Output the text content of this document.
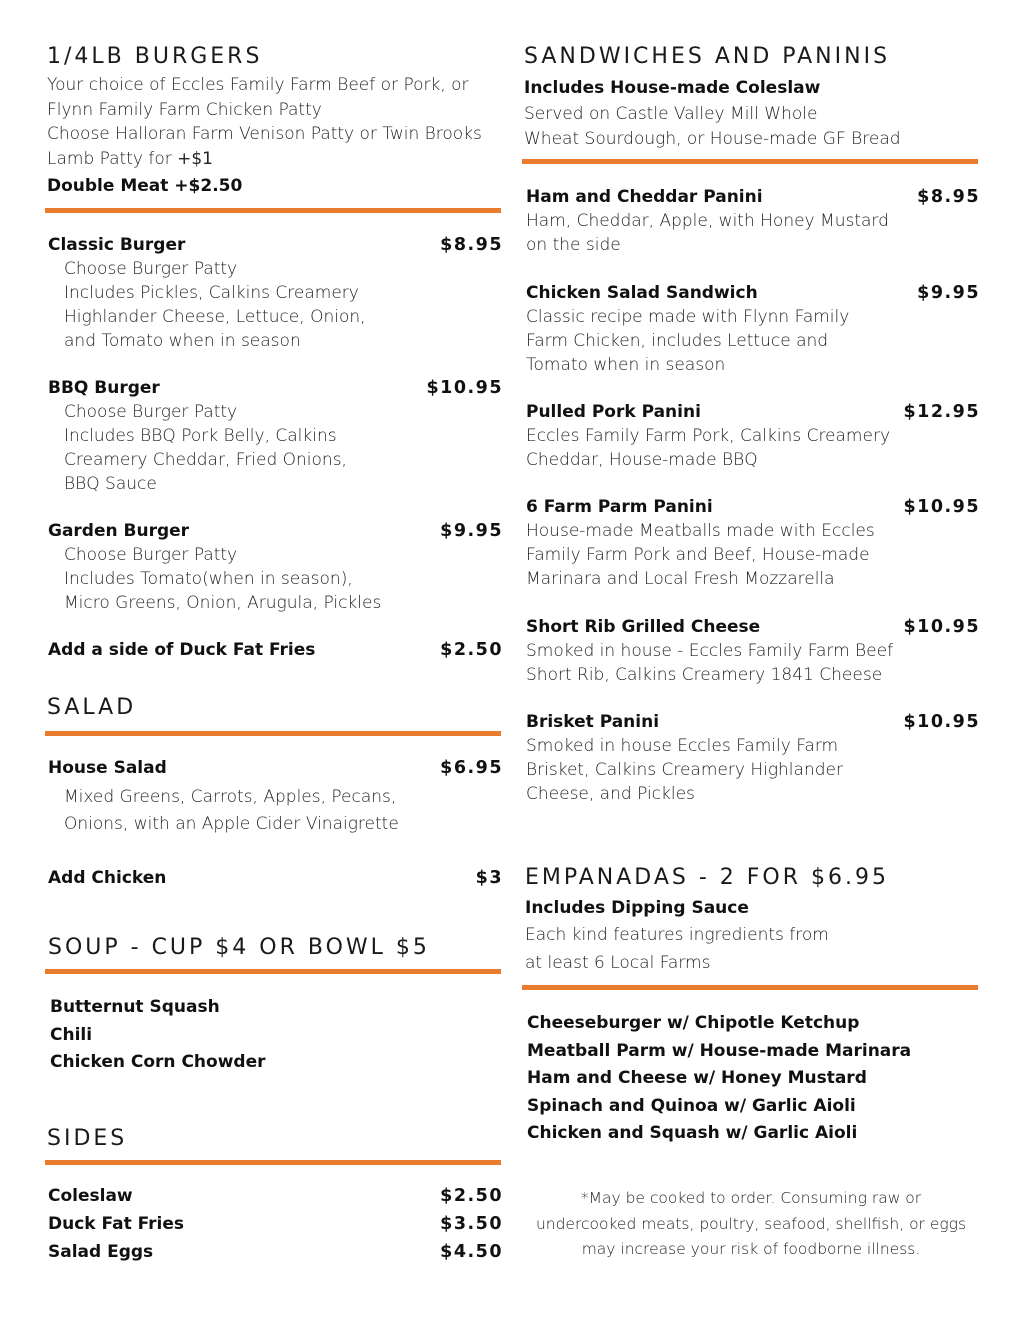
1/4LB BURGERS
Your choice of Eccles Family Farm Beef or Pork, or
Flynn Family Farm Chicken Patty
Choose Halloran Farm Venison Patty or Twin Brooks
Lamb Patty for +$1
Double Meat +$2.50
Classic Burger	$8.95
Choose Burger Patty
Includes Pickles, Calkins Creamery
Highlander Cheese, Lettuce, Onion,
and Tomato when in season
BBQ Burger	$10.95
Choose Burger Patty
Includes BBQ Pork Belly, Calkins
Creamery Cheddar, Fried Onions,
BBQ Sauce
Garden Burger	$9.95
Choose Burger Patty
Includes Tomato(when in season),
Micro Greens, Onion, Arugula, Pickles
Add a side of Duck Fat Fries	$2.50
SALAD
House Salad	$6.95
Mixed Greens, Carrots, Apples, Pecans,
Onions, with an Apple Cider Vinaigrette
Add Chicken	$3
SOUP - CUP $4 OR BOWL $5
Butternut Squash
Chili
Chicken Corn Chowder
SIDES
Coleslaw	$2.50
Duck Fat Fries	$3.50
Salad Eggs	$4.50
SANDWICHES AND PANINIS
Includes House-made Coleslaw
Served on Castle Valley Mill Whole
Wheat Sourdough, or House-made GF Bread
Ham and Cheddar Panini	$8.95
Ham, Cheddar, Apple, with Honey Mustard
on the side
Chicken Salad Sandwich	$9.95
Classic recipe made with Flynn Family
Farm Chicken, includes Lettuce and
Tomato when in season
Pulled Pork Panini	$12.95
Eccles Family Farm Pork, Calkins Creamery
Cheddar, House-made BBQ
6 Farm Parm Panini	$10.95
House-made Meatballs made with Eccles
Family Farm Pork and Beef, House-made
Marinara and Local Fresh Mozzarella
Short Rib Grilled Cheese	$10.95
Smoked in house - Eccles Family Farm Beef
Short Rib, Calkins Creamery 1841 Cheese
Brisket Panini	$10.95
Smoked in house Eccles Family Farm
Brisket, Calkins Creamery Highlander
Cheese, and Pickles
EMPANADAS - 2 FOR $6.95
Includes Dipping Sauce
Each kind features ingredients from
at least 6 Local Farms
Cheeseburger w/ Chipotle Ketchup
Meatball Parm w/ House-made Marinara
Ham and Cheese w/ Honey Mustard
Spinach and Quinoa w/ Garlic Aioli
Chicken and Squash w/ Garlic Aioli
*May be cooked to order. Consuming raw or
undercooked meats, poultry, seafood, shellfish, or eggs
may increase your risk of foodborne illness.
